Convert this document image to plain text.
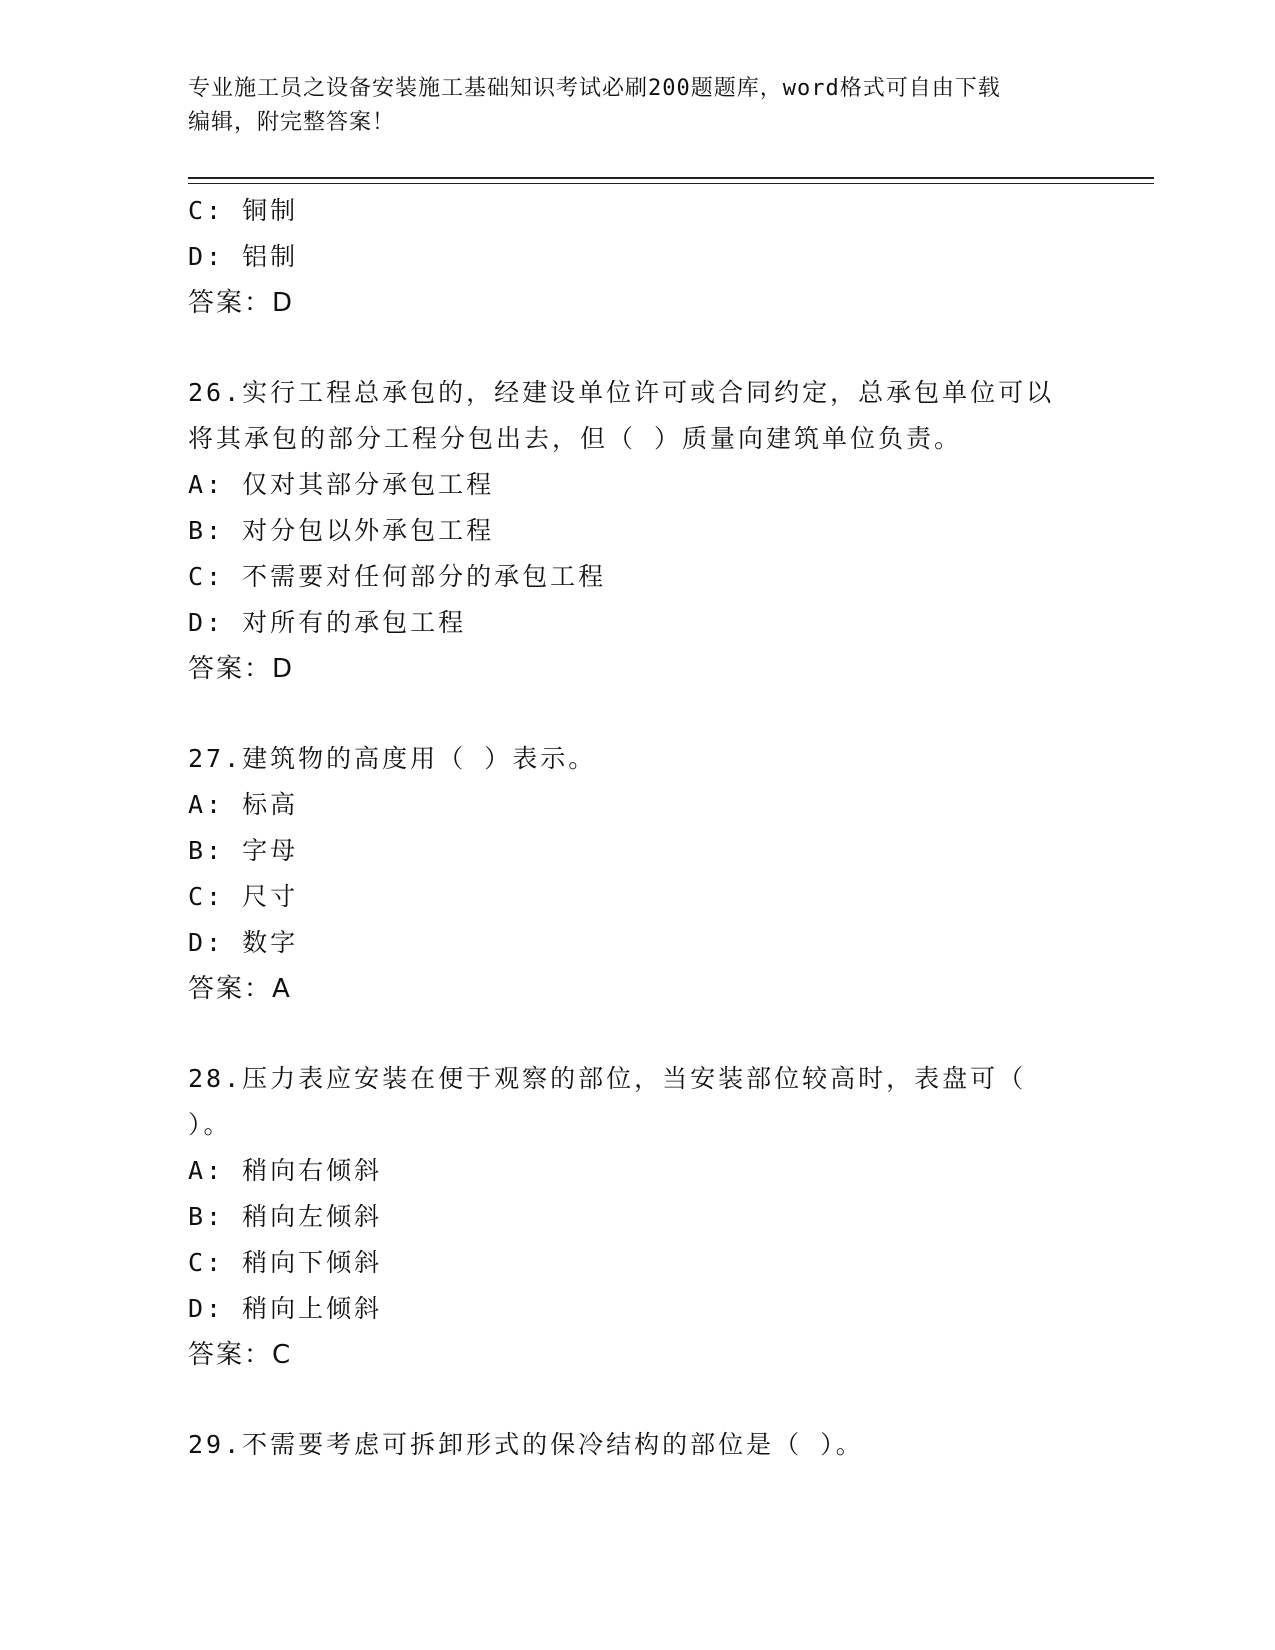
专业施工员之设备安装施工基础知识考试必刷200题题库，word格式可自由下载
编辑，附完整答案！
C: 铜制
D: 铝制
答案：D
26.实行工程总承包的，经建设单位许可或合同约定，总承包单位可以
将其承包的部分工程分包出去，但（ ）质量向建筑单位负责。
A: 仅对其部分承包工程
B: 对分包以外承包工程
C: 不需要对任何部分的承包工程
D: 对所有的承包工程
答案：D
27.建筑物的高度用（ ）表示。
A: 标高
B: 字母
C: 尺寸
D: 数字
答案：A
28.压力表应安装在便于观察的部位，当安装部位较高时，表盘可（
）。
A: 稍向右倾斜
B: 稍向左倾斜
C: 稍向下倾斜
D: 稍向上倾斜
答案：C
29.不需要考虑可拆卸形式的保冷结构的部位是（ ）。
